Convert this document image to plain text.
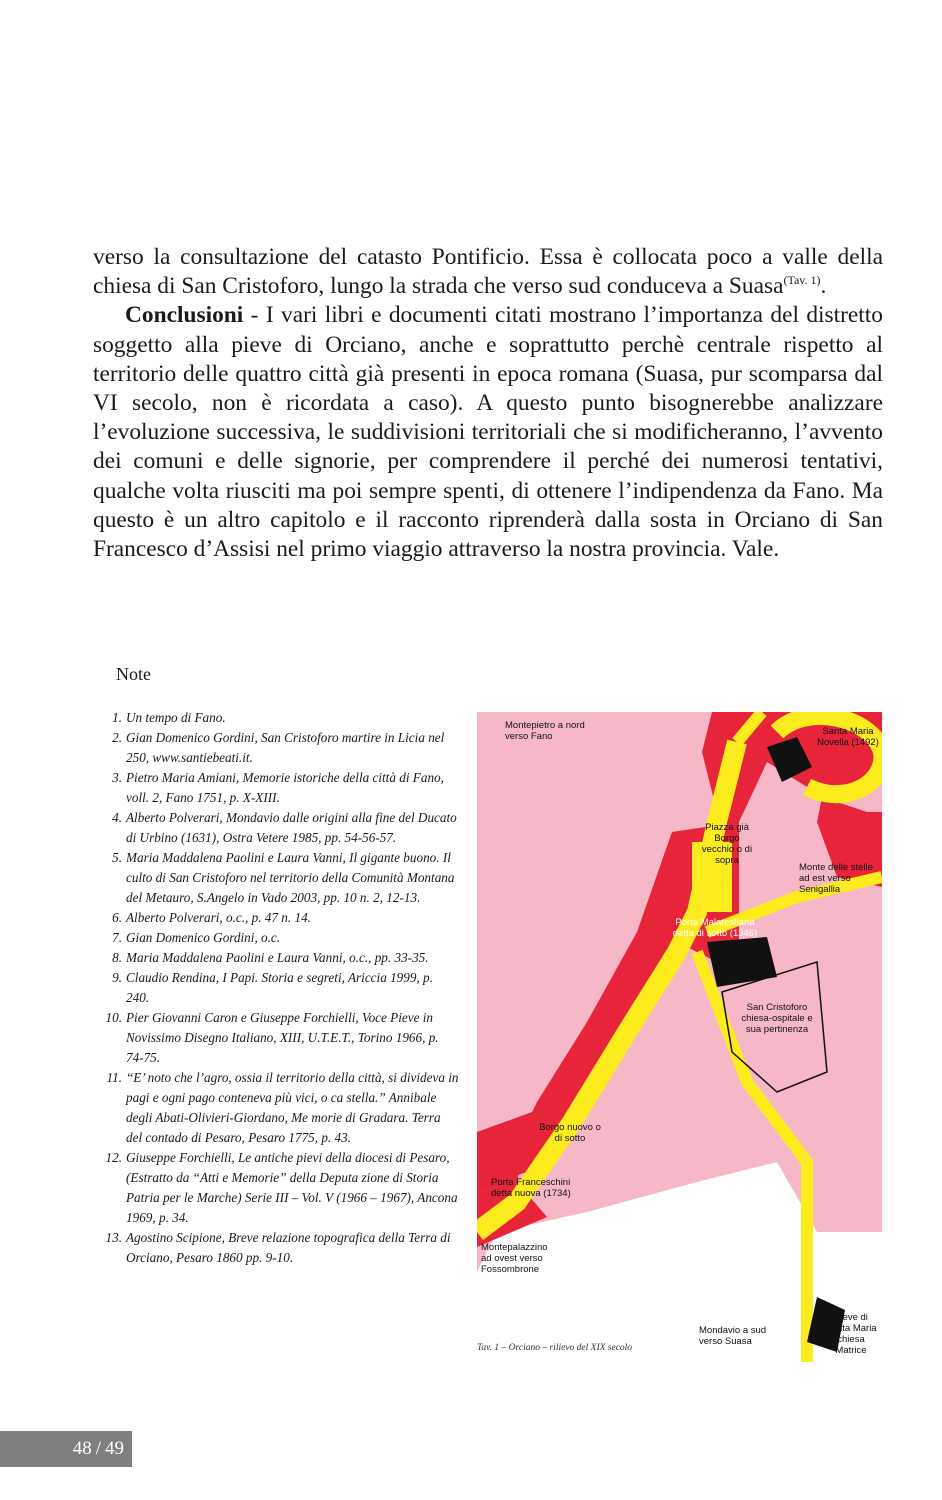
verso la consultazione del catasto Pontificio. Essa è collocata poco a valle della chiesa di San Cristoforo, lungo la strada che verso sud conduceva a Suasa$^{(Tav. 1)}$.

Conclusioni - I vari libri e documenti citati mostrano l’importanza del distretto soggetto alla pieve di Orciano, anche e soprattutto perchè centrale rispetto al territorio delle quattro città già presenti in epoca romana (Suasa, pur scomparsa dal VI secolo, non è ricordata a caso). A questo punto bisognerebbe analizzare l’evoluzione successiva, le suddivisioni territoriali che si modificheranno, l’avvento dei comuni e delle signorie, per comprendere il perché dei numerosi tentativi, qualche volta riusciti ma poi sempre spenti, di ottenere l’indipendenza da Fano. Ma questo è un altro capitolo e il racconto riprenderà dalla sosta in Orciano di San Francesco d’Assisi nel primo viaggio attraverso la nostra provincia. Vale.

Note
1. Un tempo di Fano.
2. Gian Domenico Gordini, San Cristoforo martire in Licia nel 250, www.santiebeati.it.
3. Pietro Maria Amiani, Memorie istoriche della città di Fano, voll. 2, Fano 1751, p. X-XIII.
4. Alberto Polverari, Mondavio dalle origini alla fine del Ducato di Urbino (1631), Ostra Vetere 1985, pp. 54-56-57.
5. Maria Maddalena Paolini e Laura Vanni, Il gigante buono. Il culto di San Cristoforo nel territorio della Comunità Montana del Metauro, S.Angelo in Vado 2003, pp. 10 n. 2, 12-13.
6. Alberto Polverari, o.c., p. 47 n. 14.
7. Gian Domenico Gordini, o.c.
8. Maria Maddalena Paolini e Laura Vanni, o.c., pp. 33-35.
9. Claudio Rendina, I Papi. Storia e segreti, Ariccia 1999, p. 240.
10. Pier Giovanni Caron e Giuseppe Forchielli, Voce Pieve in Novissimo Disegno Italiano, XIII, U.T.E.T., Torino 1966, p. 74-75.
11. “E’ noto che l’agro, ossia il territorio della città, si divideva in pagi e ogni pago conteneva più vici, o ca stella.” Annibale degli Abati-Olivieri-Giordano, Me morie di Gradara. Terra del contado di Pesaro, Pesaro 1775, p. 43.
12. Giuseppe Forchielli, Le antiche pievi della diocesi di Pesaro, (Estratto da “Atti e Memorie” della Deputa zione di Storia Patria per le Marche) Serie III – Vol. V (1966 – 1967), Ancona 1969, p. 34.
13. Agostino Scipione, Breve relazione topografica della Terra di Orciano, Pesaro 1860 pp. 9-10.
Montepietro a nord verso Fano	Santa Maria Novella (1492)
Piazza già Borgo vecchio o di sopra
Monte delle stelle ad est verso Senigallia
Porta Malatestiana detta di sotto (1346)
San Cristoforo chiesa-ospitale e sua pertinenza
Borgo nuovo o di sotto
Porta Franceschini detta nuova (1734)
Montepalazzino ad ovest verso Fossombrone
Mondavio a sud verso Suasa
Pieve di Santa Maria chiesa Matrice
Tav. 1 – Orciano – rilievo del XIX secolo
48 / 49
